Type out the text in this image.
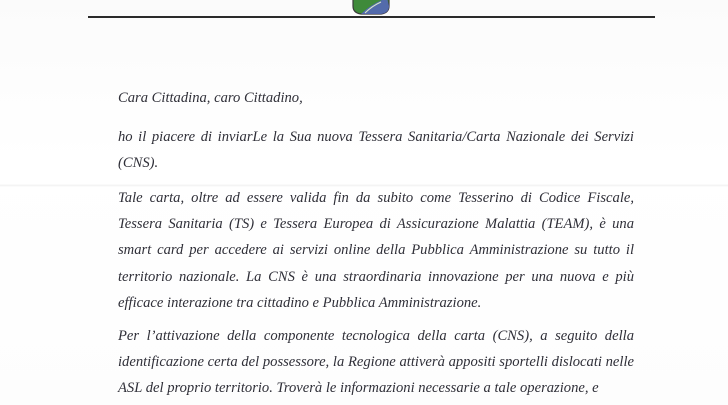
Cara Cittadina, caro Cittadino,

ho il piacere di inviarLe la Sua nuova Tessera Sanitaria/Carta Nazionale dei Servizi (CNS).

Tale carta, oltre ad essere valida fin da subito come Tesserino di Codice Fiscale, Tessera Sanitaria (TS) e Tessera Europea di Assicurazione Malattia (TEAM), è una smart card per accedere ai servizi online della Pubblica Amministrazione su tutto il territorio nazionale. La CNS è una straordinaria innovazione per una nuova e più efficace interazione tra cittadino e Pubblica Amministrazione.

Per l’attivazione della componente tecnologica della carta (CNS), a seguito della identificazione certa del possessore, la Regione attiverà appositi sportelli dislocati nelle ASL del proprio territorio. Troverà le informazioni necessarie a tale operazione, e
